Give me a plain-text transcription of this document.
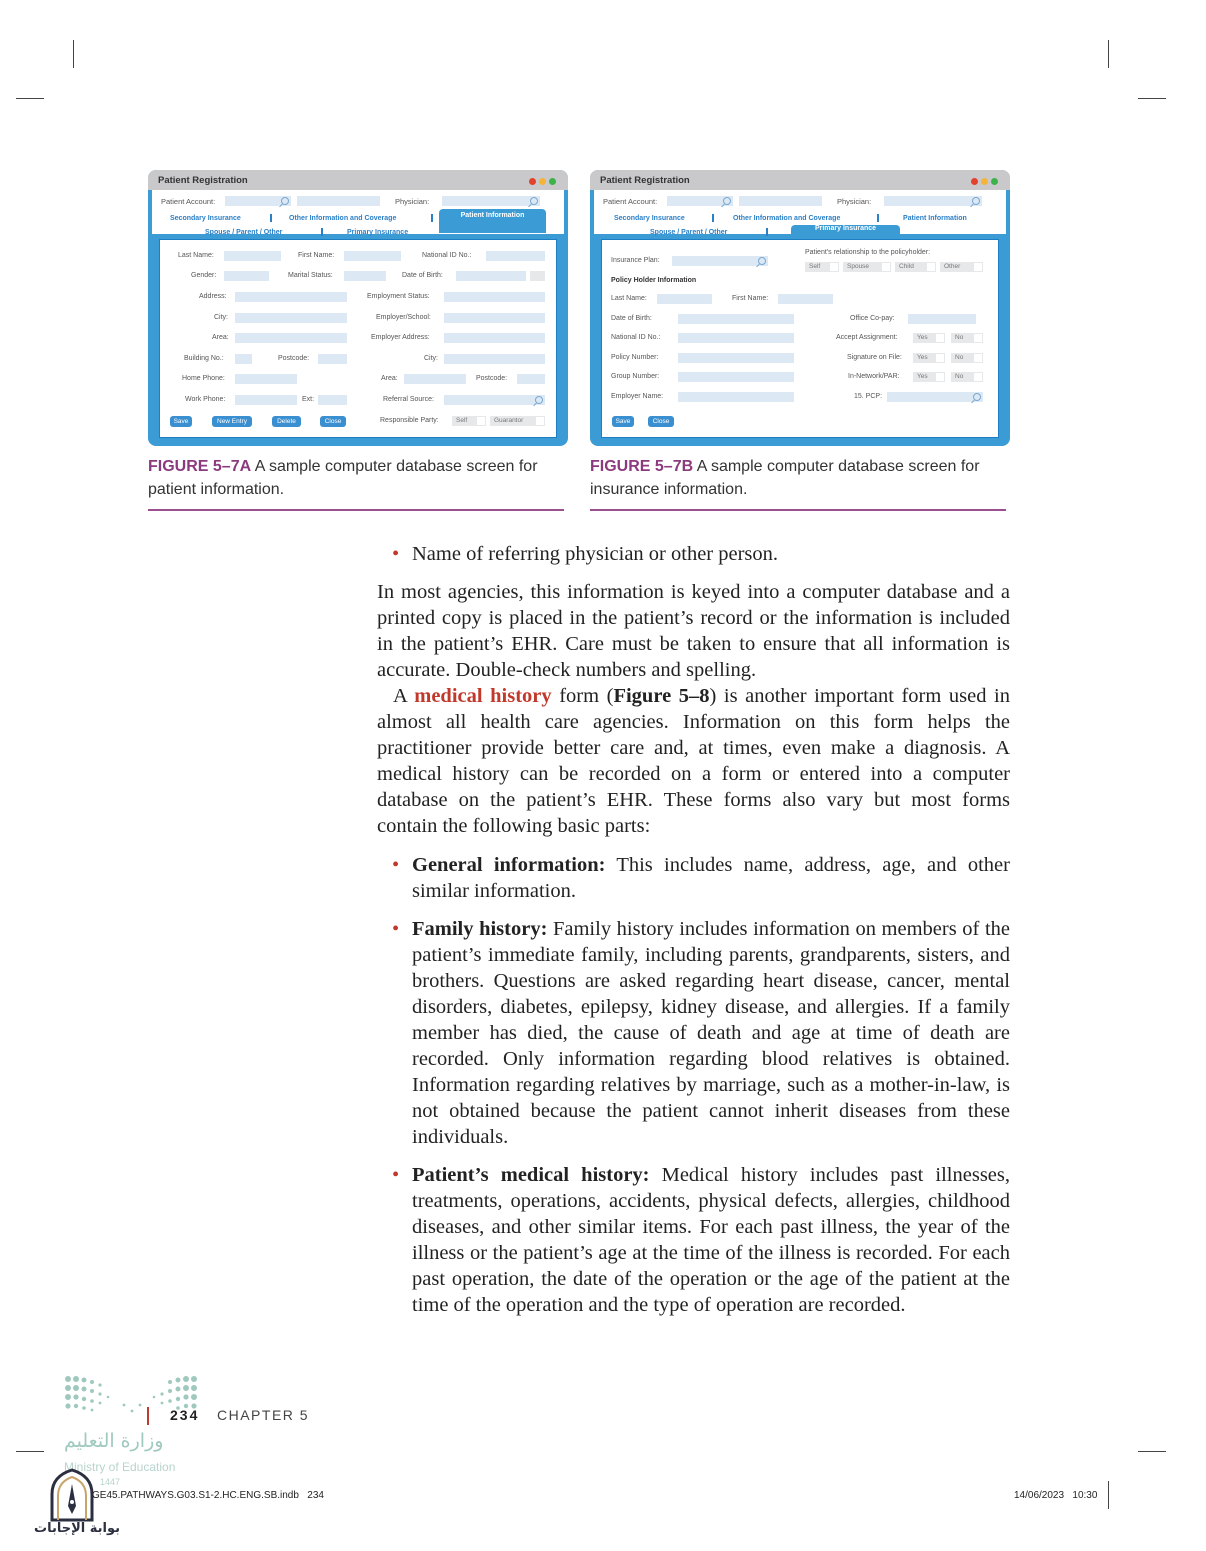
Patient Registration
Patient Account:	Physician:
Secondary Insurance	Other Information and Coverage	Patient Information
Spouse / Parent / Other	Primary Insurance
Last Name:	First Name:	National ID No.:
Gender:	Marital Status:	Date of Birth:
Address:	Employment Status:
City:	Employer/School:
Area:	Employer Address:
Building No.:	Postcode:	City:
Home Phone:	Area:	Postcode:
Work Phone:	Ext:	Referral Source:
Save	New Entry	Delete	Close	Responsible Party:	Self	Guarantor
Patient Registration
Patient Account:	Physician:
Secondary Insurance	Other Information and Coverage	Patient Information
Spouse / Parent / Other
Primary Insurance
Insurance Plan:
Patient's relationship to the policyholder:
Self	Spouse	Child	Other
Policy Holder Information
Last Name:	First Name:
Date of Birth:	Office Co-pay:
National ID No.:	Accept Assignment:	Yes	No
Policy Number:	Signature on File:	Yes	No
Group Number:	In-Network/PAR:	Yes	No
Employer Name:	15. PCP:
Save	Close
FIGURE 5–7A A sample computer database screen for patient information.
FIGURE 5–7B A sample computer database screen for insurance information.
• Name of referring physician or other person.
In most agencies, this information is keyed into a computer database and a printed copy is placed in the patient’s record or the information is included in the patient’s EHR. Care must be taken to ensure that all information is accurate. Double-check numbers and spelling.
A medical history form (Figure 5–8) is another important form used in almost all health care agencies. Information on this form helps the practitioner provide better care and, at times, even make a diagnosis. A medical history can be recorded on a form or entered into a computer database on the patient’s EHR. These forms also vary but most forms contain the following basic parts:
• General information: This includes name, address, age, and other similar information.
• Family history: Family history includes information on members of the patient’s immediate family, including parents, grandparents, sisters, and brothers. Questions are asked regarding heart disease, cancer, mental disorders, diabetes, epilepsy, kidney disease, and allergies. If a family member has died, the cause of death and age at time of death are recorded. Only information regarding blood relatives is obtained. Information regarding relatives by marriage, such as a mother-in-law, is not obtained because the patient cannot inherit diseases from these individuals.
• Patient’s medical history: Medical history includes past illnesses, treatments, operations, accidents, physical defects, allergies, childhood diseases, and other similar items. For each past illness, the year of the illness or the patient’s age at the time of the illness is recorded. For each past operation, the date of the operation or the age of the patient at the time of the operation and the type of operation are recorded.
234 CHAPTER 5
وزارة التعليم
Ministry of Education
1447
بوابة الإجابات
GE45.PATHWAYS.G03.S1-2.HC.ENG.SB.indb   234	14/06/2023   10:30
